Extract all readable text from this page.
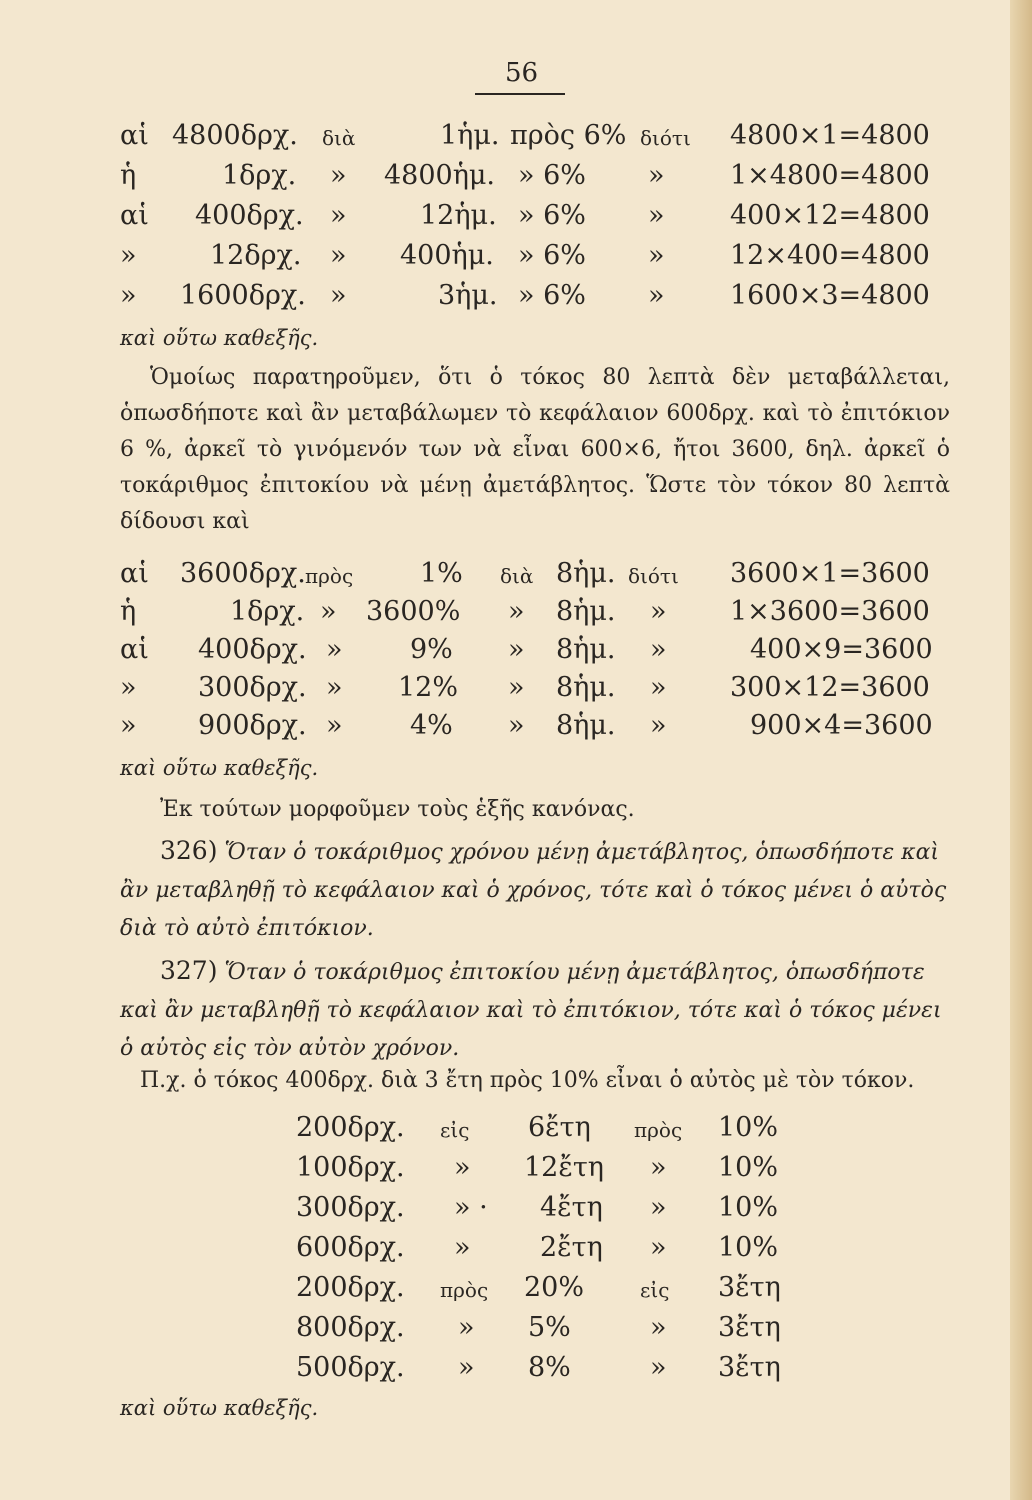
56
αἱ 4800δρχ. διὰ	1ἡμ. πρὸς 6% διότι 4800×1=4800
ἡ	1δρχ. » 4800ἡμ. » 6% » 1×4800=4800
αἱ 400δρχ. »	12ἡμ. » 6% » 400×12=4800
»	12δρχ. » 400ἡμ. » 6% » 12×400=4800
» 1600δρχ. »	3ἡμ. » 6% » 1600×3=4800
καὶ οὕτω καθεξῆς.

Ὁμοίως παρατηροῦμεν, ὅτι ὁ τόκος 80 λεπτὰ δὲν μεταβάλλεται, ὁπωσδήποτε καὶ ἂν μεταβάλωμεν τὸ κεφάλαιον 600δρχ. καὶ τὸ ἐπιτόκιον 6 %, ἀρκεῖ τὸ γινόμενόν των νὰ εἶναι 600×6, ἤτοι 3600, δηλ. ἀρκεῖ ὁ τοκάριθμος ἐπιτοκίου νὰ μένῃ ἀμετάβλητος. Ὥστε τὸν τόκον 80 λεπτὰ δίδουσι καὶ

αἱ 3600δρχ. πρὸς 1% διὰ 8ἡμ. διότι 3600×1=3600
ἡ	1δρχ. » 3600% » 8ἡμ. » 1×3600=3600
αἱ 400δρχ. » 9% » 8ἡμ. »	400×9=3600
» 300δρχ. » 12% » 8ἡμ. » 300×12=3600
» 900δρχ. » 4% » 8ἡμ. »	900×4=3600
καὶ οὕτω καθεξῆς.

Ἐκ τούτων μορφοῦμεν τοὺς ἑξῆς κανόνας.

326) Ὅταν ὁ τοκάριθμος χρόνου μένῃ ἀμετάβλητος, ὁπωσδήποτε καὶ ἂν μεταβληθῇ τὸ κεφάλαιον καὶ ὁ χρόνος, τότε καὶ ὁ τόκος μένει ὁ αὐτὸς διὰ τὸ αὐτὸ ἐπιτόκιον.
327) Ὅταν ὁ τοκάριθμος ἐπιτοκίου μένῃ ἀμετάβλητος, ὁπωσδήποτε καὶ ἂν μεταβληθῇ τὸ κεφάλαιον καὶ τὸ ἐπιτόκιον, τότε καὶ ὁ τόκος μένει ὁ αὐτὸς εἰς τὸν αὐτὸν χρόνον.
Π.χ. ὁ τόκος 400δρχ. διὰ 3 ἔτη πρὸς 10% εἶναι ὁ αὐτὸς μὲ τὸν τόκον.
200δρχ. εἰς 6ἔτη πρὸς 10%
100δρχ. » 12ἔτη » 10%
300δρχ. » · 4ἔτη » 10%
600δρχ. »	2ἔτη » 10%
200δρχ. πρὸς 20%	εἰς 3ἔτη
800δρχ. » 5%	» 3ἔτη
500δρχ. » 8%	» 3ἔτη
καὶ οὕτω καθεξῆς.
